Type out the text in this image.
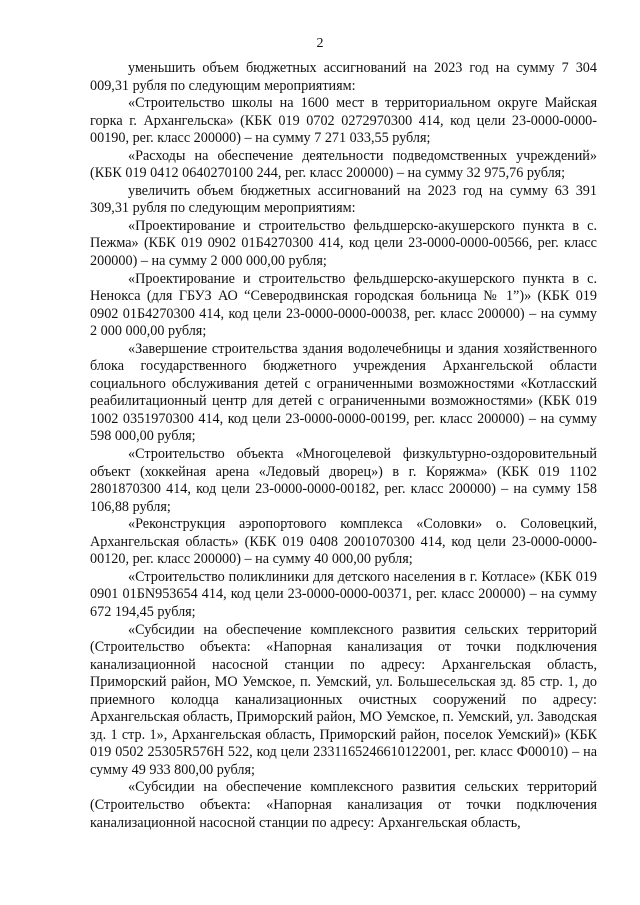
2

уменьшить объем бюджетных ассигнований на 2023 год на сумму 7 304 009,31 рубля по следующим мероприятиям:

«Строительство школы на 1600 мест в территориальном округе Майская горка г. Архангельска» (КБК 019 0702 0272970300 414, код цели 23-0000-0000-00190, рег. класс 200000) – на сумму 7 271 033,55 рубля;

«Расходы на обеспечение деятельности подведомственных учреждений» (КБК 019 0412 0640270100 244, рег. класс 200000) – на сумму 32 975,76 рубля;

увеличить объем бюджетных ассигнований на 2023 год на сумму 63 391 309,31 рубля по следующим мероприятиям:

«Проектирование и строительство фельдшерско-акушерского пункта в с. Пежма» (КБК 019 0902 01Б4270300 414, код цели 23-0000-0000-00566, рег. класс 200000) – на сумму 2 000 000,00 рубля;

«Проектирование и строительство фельдшерско-акушерского пункта в с. Ненокса (для ГБУЗ АО “Северодвинская городская больница № 1”)» (КБК 019 0902 01Б4270300 414, код цели 23-0000-0000-00038, рег. класс 200000) – на сумму 2 000 000,00 рубля;

«Завершение строительства здания водолечебницы и здания хозяйственного блока государственного бюджетного учреждения Архангельской области социального обслуживания детей с ограниченными возможностями «Котласский реабилитационный центр для детей с ограниченными возможностями» (КБК 019 1002 0351970300 414, код цели 23-0000-0000-00199, рег. класс 200000) – на сумму 598 000,00 рубля;

«Строительство объекта «Многоцелевой физкультурно-оздоровительный объект (хоккейная арена «Ледовый дворец») в г. Коряжма» (КБК 019 1102 2801870300 414, код цели 23-0000-0000-00182, рег. класс 200000) – на сумму 158 106,88 рубля;

«Реконструкция аэропортового комплекса «Соловки» о. Соловецкий, Архангельская область» (КБК 019 0408 2001070300 414, код цели 23-0000-0000-00120, рег. класс 200000) – на сумму 40 000,00 рубля;

«Строительство поликлиники для детского населения в г. Котласе» (КБК 019 0901 01БN953654 414, код цели 23-0000-0000-00371, рег. класс 200000) – на сумму 672 194,45 рубля;

«Субсидии на обеспечение комплексного развития сельских территорий (Строительство объекта: «Напорная канализация от точки подключения канализационной насосной станции по адресу: Архангельская область, Приморский район, МО Уемское, п. Уемский, ул. Большесельская зд. 85 стр. 1, до приемного колодца канализационных очистных сооружений по адресу: Архангельская область, Приморский район, МО Уемское, п. Уемский, ул. Заводская зд. 1 стр. 1», Архангельская область, Приморский район, поселок Уемский)» (КБК 019 0502 25305R576Н 522, код цели 2331165246610122001, рег. класс Ф00010) – на сумму 49 933 800,00 рубля;

«Субсидии на обеспечение комплексного развития сельских территорий (Строительство объекта: «Напорная канализация от точки подключения канализационной насосной станции по адресу: Архангельская область,
